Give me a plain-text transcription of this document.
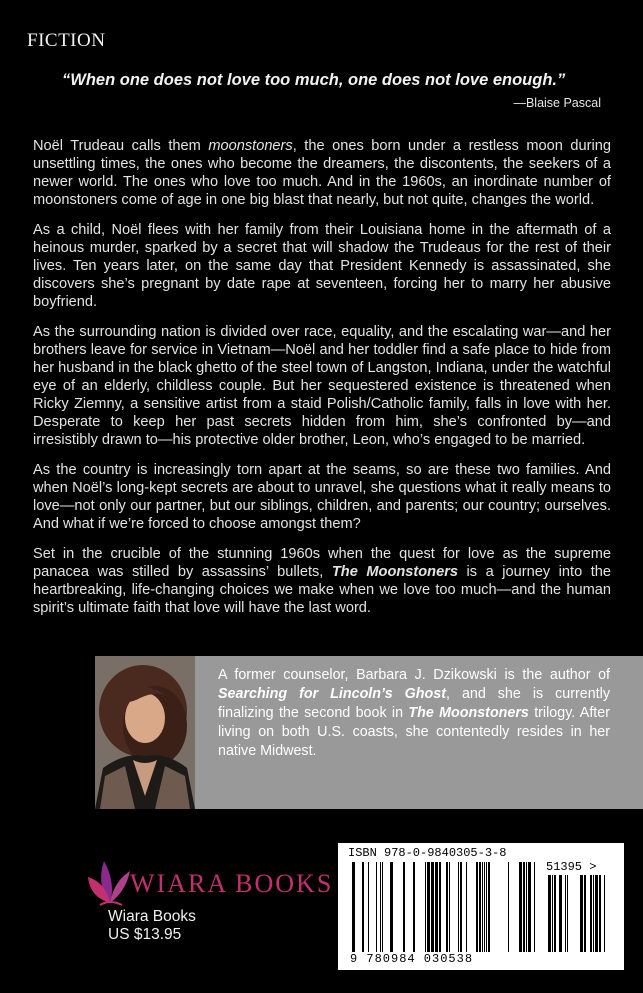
FICTION
“When one does not love too much, one does not love enough.”
—Blaise Pascal

Noël Trudeau calls them moonstoners, the ones born under a restless moon during unsettling times, the ones who become the dreamers, the discontents, the seekers of a newer world. The ones who love too much. And in the 1960s, an inordinate number of moonstoners come of age in one big blast that nearly, but not quite, changes the world.

As a child, Noël flees with her family from their Louisiana home in the aftermath of a heinous murder, sparked by a secret that will shadow the Trudeaus for the rest of their lives. Ten years later, on the same day that President Kennedy is assassinated, she discovers she’s pregnant by date rape at seventeen, forcing her to marry her abusive boyfriend.

As the surrounding nation is divided over race, equality, and the escalating war—and her brothers leave for service in Vietnam—Noël and her toddler find a safe place to hide from her husband in the black ghetto of the steel town of Langston, Indiana, under the watchful eye of an elderly, childless couple. But her sequestered existence is threatened when Ricky Ziemny, a sensitive artist from a staid Polish/Catholic family, falls in love with her. Desperate to keep her past secrets hidden from him, she’s confronted by—and irresistibly drawn to—his protective older brother, Leon, who’s engaged to be married.

As the country is increasingly torn apart at the seams, so are these two families. And when Noël’s long-kept secrets are about to unravel, she questions what it really means to love—not only our partner, but our siblings, children, and parents; our country; ourselves. And what if we’re forced to choose amongst them?

Set in the crucible of the stunning 1960s when the quest for love as the supreme panacea was stilled by assassins’ bullets, The Moonstoners is a journey into the heartbreaking, life-changing choices we make when we love too much—and the human spirit’s ultimate faith that love will have the last word.

A former counselor, Barbara J. Dzikowski is the author of Searching for Lincoln’s Ghost, and she is currently finalizing the second book in The Moonstoners trilogy. After living on both U.S. coasts, she contentedly resides in her native Midwest.
WIARA BOOKS
Wiara Books
US $13.95
ISBN 978-0-9840305-3-8
51395 >
9 780984 030538
